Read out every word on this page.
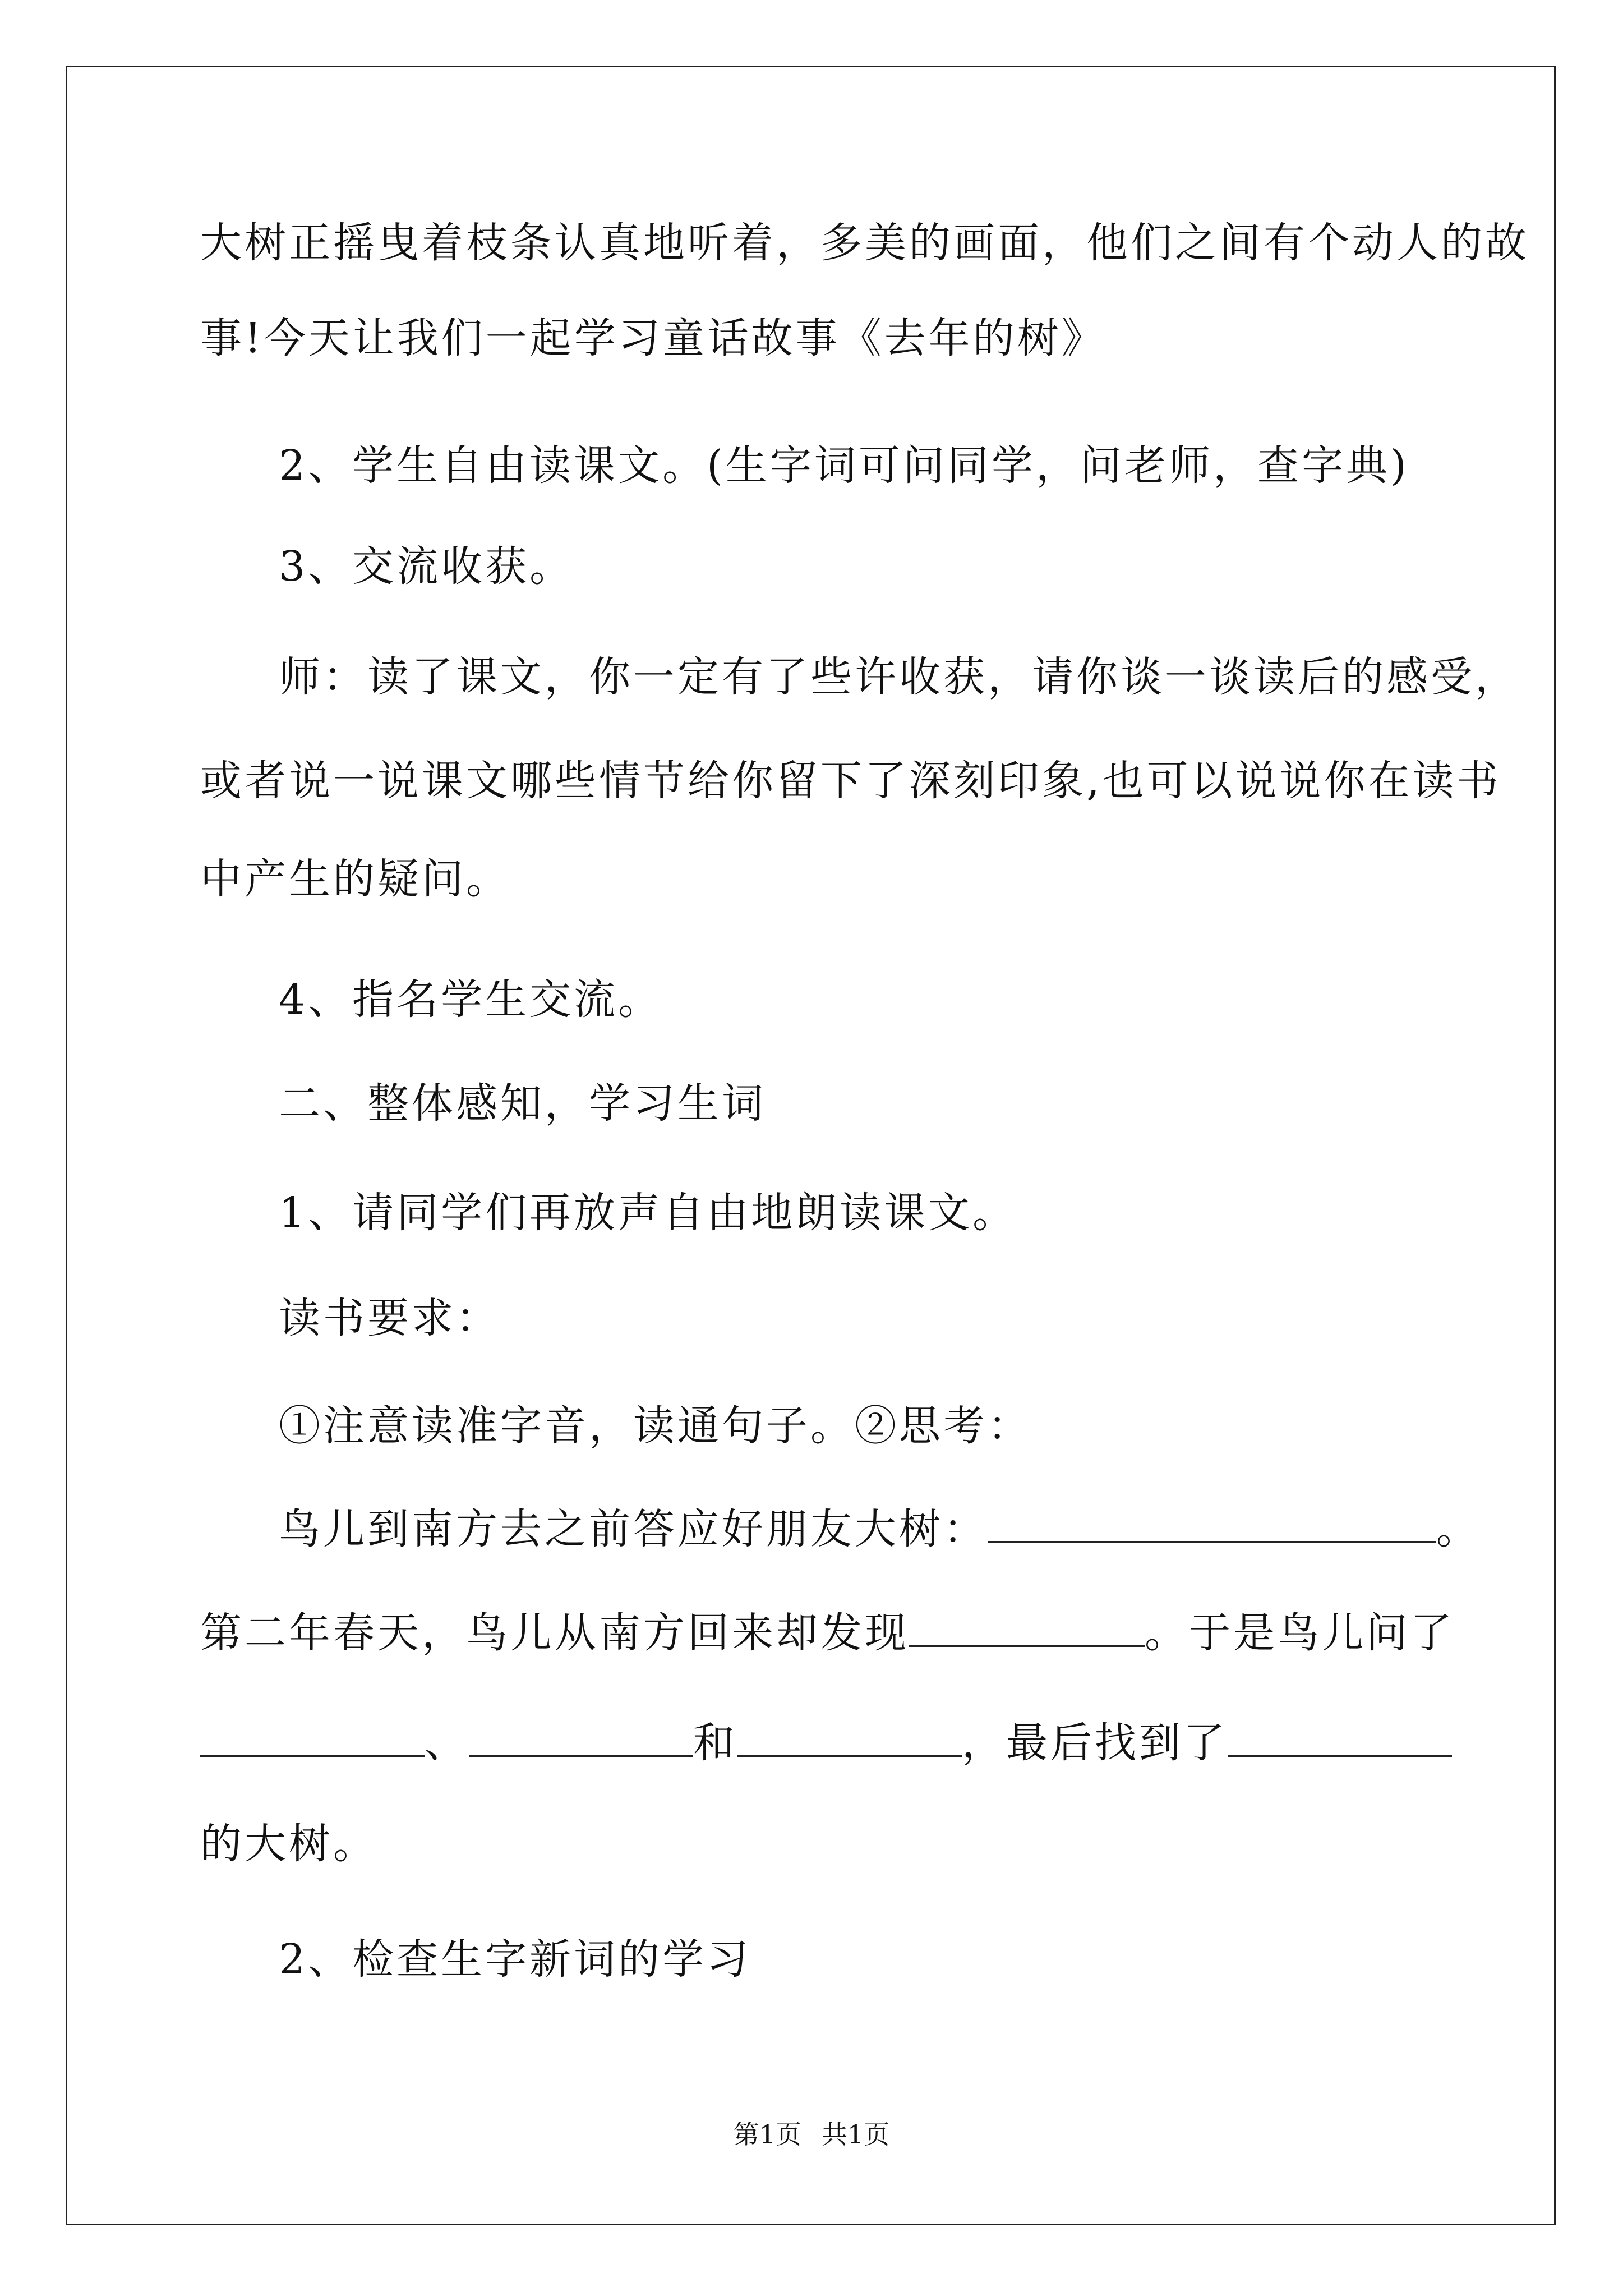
大树正摇曳着枝条认真地听着，多美的画面，他们之间有个动人的故
事!今天让我们一起学习童话故事《去年的树》
2、学生自由读课文。(生字词可问同学，问老师，查字典)
3、交流收获。
师：读了课文，你一定有了些许收获，请你谈一谈读后的感受，
或者说一说课文哪些情节给你留下了深刻印象,也可以说说你在读书
中产生的疑问。
4、指名学生交流。
二、整体感知，学习生词
1、请同学们再放声自由地朗读课文。
读书要求：
①注意读准字音，读通句子。②思考：
鸟儿到南方去之前答应好朋友大树：	。
第二年春天，鸟儿从南方回来却发现	。于是鸟儿问了
、	和	，最后找到了
的大树。
2、检查生字新词的学习
第1页 共1页
